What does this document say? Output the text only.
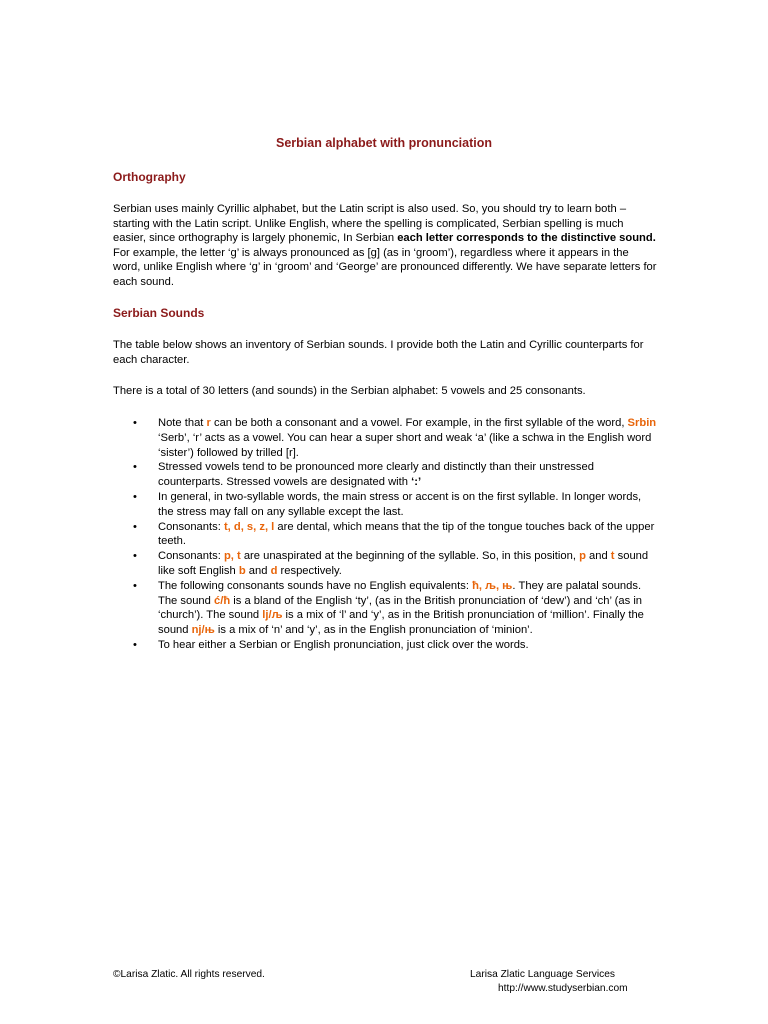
Serbian alphabet with pronunciation
Orthography
Serbian uses mainly Cyrillic alphabet, but the Latin script is also used. So, you should try to learn both – starting with the Latin script. Unlike English, where the spelling is complicated, Serbian spelling is much easier, since orthography is largely phonemic, In Serbian each letter corresponds to the distinctive sound. For example, the letter ‘g’ is always pronounced as [g] (as in ‘groom’), regardless where it appears in the word, unlike English where ‘g’ in ‘groom’ and ‘George’ are pronounced differently. We have separate letters for each sound.
Serbian Sounds
The table below shows an inventory of Serbian sounds. I provide both the Latin and Cyrillic counterparts for each character.
There is a total of 30 letters (and sounds) in the Serbian alphabet: 5 vowels and 25 consonants.
• Note that r can be both a consonant and a vowel. For example, in the first syllable of the word, Srbin ‘Serb’, ‘r’ acts as a vowel. You can hear a super short and weak ‘a’ (like a schwa in the English word ‘sister’) followed by trilled [r].
• Stressed vowels tend to be pronounced more clearly and distinctly than their unstressed counterparts. Stressed vowels are designated with ‘:’
• In general, in two-syllable words, the main stress or accent is on the first syllable. In longer words, the stress may fall on any syllable except the last.
• Consonants: t, d, s, z, l are dental, which means that the tip of the tongue touches back of the upper teeth.
• Consonants: p, t are unaspirated at the beginning of the syllable. So, in this position, p and t sound like soft English b and d respectively.
• The following consonants sounds have no English equivalents: ћ, љ, њ. They are palatal sounds. The sound ć/ћ is a bland of the English ‘ty’, (as in the British pronunciation of ‘dew’) and ‘ch’ (as in ‘church’). The sound lj/љ is a mix of ‘l’ and ‘y’, as in the British pronunciation of ‘million’. Finally the sound nj/њ is a mix of ‘n’ and ‘y’, as in the English pronunciation of ‘minion’.
• To hear either a Serbian or English pronunciation, just click over the words.
©Larisa Zlatic. All rights reserved.	Larisa Zlatic Language Services
http://www.studyserbian.com
